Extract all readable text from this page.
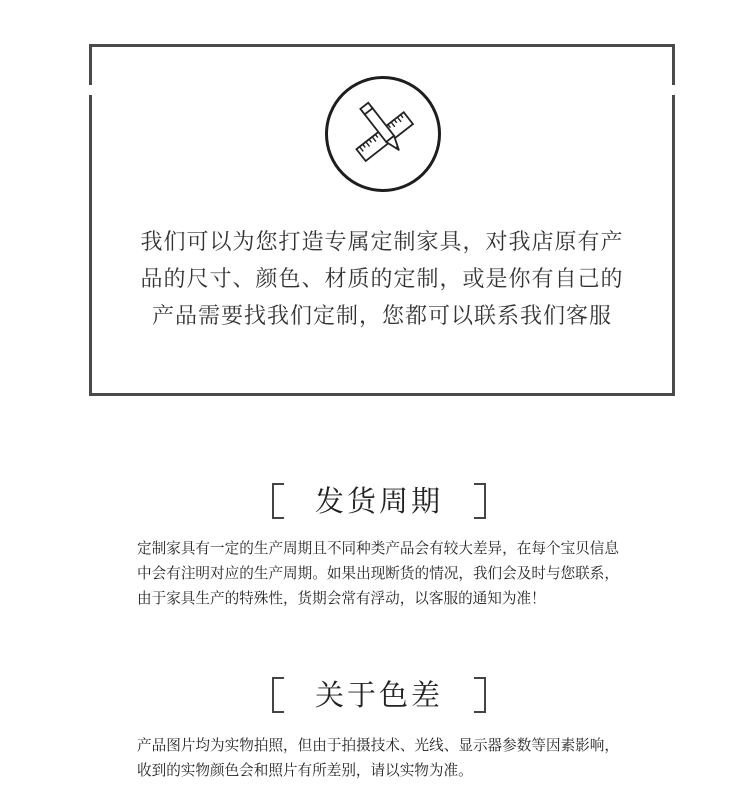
我们可以为您打造专属定制家具，对我店原有产品的尺寸、颜色、材质的定制，或是你有自己的产品需要找我们定制，您都可以联系我们客服

发货周期

定制家具有一定的生产周期且不同种类产品会有较大差异，在每个宝贝信息中会有注明对应的生产周期。如果出现断货的情况，我们会及时与您联系，由于家具生产的特殊性，货期会常有浮动，以客服的通知为准！

关于色差

产品图片均为实物拍照，但由于拍摄技术、光线、显示器参数等因素影响，收到的实物颜色会和照片有所差别，请以实物为准。
